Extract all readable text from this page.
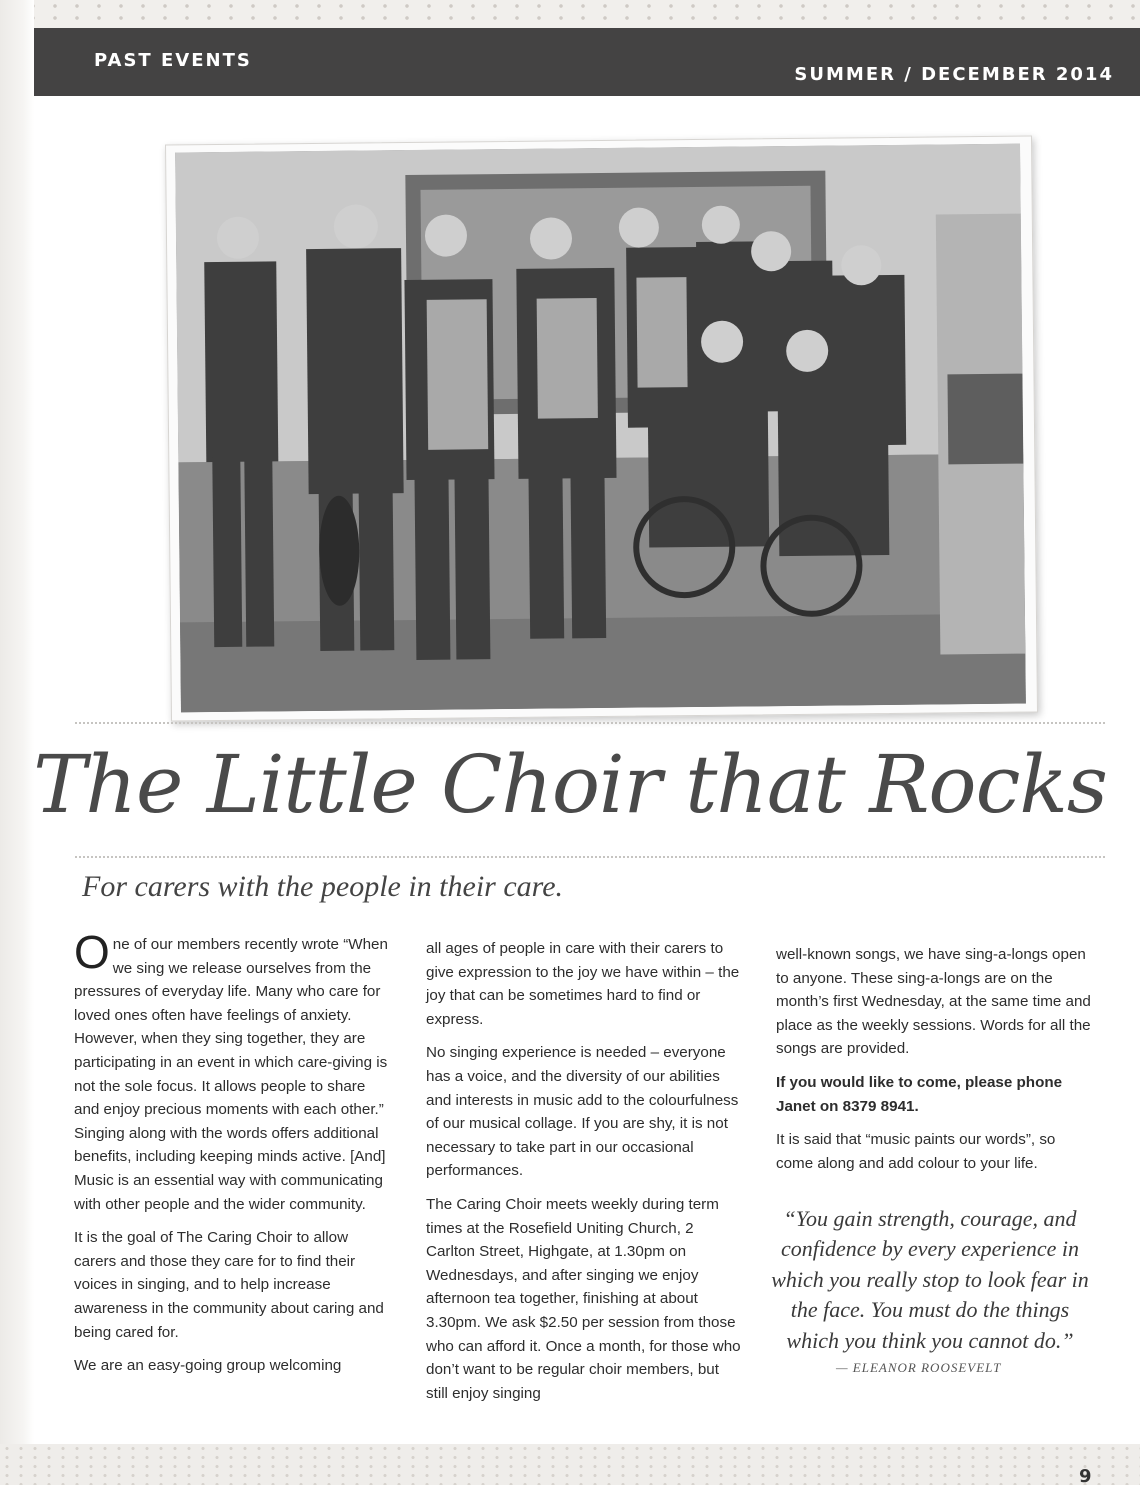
PAST EVENTS
SUMMER / DECEMBER 2014
The Little Choir that Rocks
For carers with the people in their care.

One of our members recently wrote “When we sing we release ourselves from the pressures of everyday life. Many who care for loved ones often have feelings of anxiety. However, when they sing together, they are participating in an event in which care-giving is not the sole focus. It allows people to share and enjoy precious moments with each other.” Singing along with the words offers additional benefits, including keeping minds active. [And] Music is an essential way with communicating with other people and the wider community.

It is the goal of The Caring Choir to allow carers and those they care for to find their voices in singing, and to help increase awareness in the community about caring and being cared for.

We are an easy-going group welcoming

all ages of people in care with their carers to give expression to the joy we have within – the joy that can be sometimes hard to find or express.

No singing experience is needed – everyone has a voice, and the diversity of our abilities and interests in music add to the colourfulness of our musical collage. If you are shy, it is not necessary to take part in our occasional performances.

The Caring Choir meets weekly during term times at the Rosefield Uniting Church, 2 Carlton Street, Highgate, at 1.30pm on Wednesdays, and after singing we enjoy afternoon tea together, finishing at about 3.30pm. We ask $2.50 per session from those who can afford it. Once a month, for those who don’t want to be regular choir members, but still enjoy singing

well-known songs, we have sing-a-longs open to anyone. These sing-a-longs are on the month’s first Wednesday, at the same time and place as the weekly sessions. Words for all the songs are provided.

If you would like to come, please phone Janet on 8379 8941.

It is said that “music paints our words”, so come along and add colour to your life.

“You gain strength, courage, and confidence by every experience in which you really stop to look fear in the face. You must do the things which you think you cannot do.”
— ELEANOR ROOSEVELT
9
